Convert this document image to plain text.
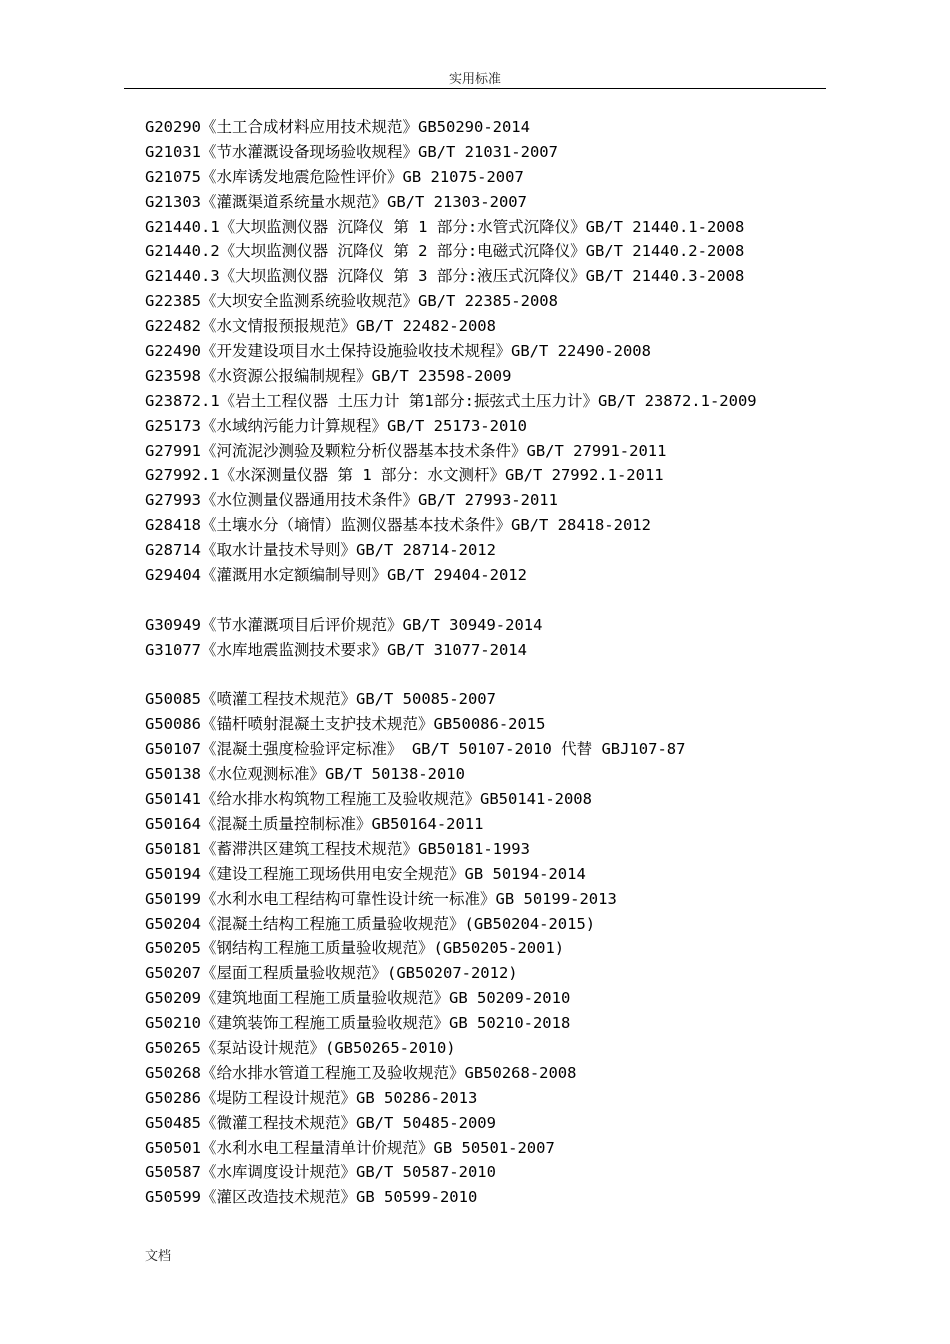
实用标准
G20290《土工合成材料应用技术规范》GB50290-2014
G21031《节水灌溉设备现场验收规程》GB/T 21031-2007
G21075《水库诱发地震危险性评价》GB 21075-2007
G21303《灌溉渠道系统量水规范》GB/T 21303-2007
G21440.1《大坝监测仪器 沉降仪 第 1 部分:水管式沉降仪》GB/T 21440.1-2008
G21440.2《大坝监测仪器 沉降仪 第 2 部分:电磁式沉降仪》GB/T 21440.2-2008
G21440.3《大坝监测仪器 沉降仪 第 3 部分:液压式沉降仪》GB/T 21440.3-2008
G22385《大坝安全监测系统验收规范》GB/T 22385-2008
G22482《水文情报预报规范》GB/T 22482-2008
G22490《开发建设项目水土保持设施验收技术规程》GB/T 22490-2008
G23598《水资源公报编制规程》GB/T 23598-2009
G23872.1《岩土工程仪器 土压力计 第1部分:振弦式土压力计》GB/T 23872.1-2009
G25173《水域纳污能力计算规程》GB/T 25173-2010
G27991《河流泥沙测验及颗粒分析仪器基本技术条件》GB/T 27991-2011
G27992.1《水深测量仪器 第 1 部分：水文测杆》GB/T 27992.1-2011
G27993《水位测量仪器通用技术条件》GB/T 27993-2011
G28418《土壤水分（墒情）监测仪器基本技术条件》GB/T 28418-2012
G28714《取水计量技术导则》GB/T 28714-2012
G29404《灌溉用水定额编制导则》GB/T 29404-2012
G30949《节水灌溉项目后评价规范》GB/T 30949-2014
G31077《水库地震监测技术要求》GB/T 31077-2014
G50085《喷灌工程技术规范》GB/T 50085-2007
G50086《锚杆喷射混凝土支护技术规范》GB50086-2015
G50107《混凝土强度检验评定标准》 GB/T 50107-2010 代替 GBJ107-87
G50138《水位观测标准》GB/T 50138-2010
G50141《给水排水构筑物工程施工及验收规范》GB50141-2008
G50164《混凝土质量控制标准》GB50164-2011
G50181《蓄滞洪区建筑工程技术规范》GB50181-1993
G50194《建设工程施工现场供用电安全规范》GB 50194-2014
G50199《水利水电工程结构可靠性设计统一标准》GB 50199-2013
G50204《混凝土结构工程施工质量验收规范》(GB50204-2015)
G50205《钢结构工程施工质量验收规范》(GB50205-2001)
G50207《屋面工程质量验收规范》(GB50207-2012)
G50209《建筑地面工程施工质量验收规范》GB 50209-2010
G50210《建筑装饰工程施工质量验收规范》GB 50210-2018
G50265《泵站设计规范》(GB50265-2010)
G50268《给水排水管道工程施工及验收规范》GB50268-2008
G50286《堤防工程设计规范》GB 50286-2013
G50485《微灌工程技术规范》GB/T 50485-2009
G50501《水利水电工程量清单计价规范》GB 50501-2007
G50587《水库调度设计规范》GB/T 50587-2010
G50599《灌区改造技术规范》GB 50599-2010
文档
